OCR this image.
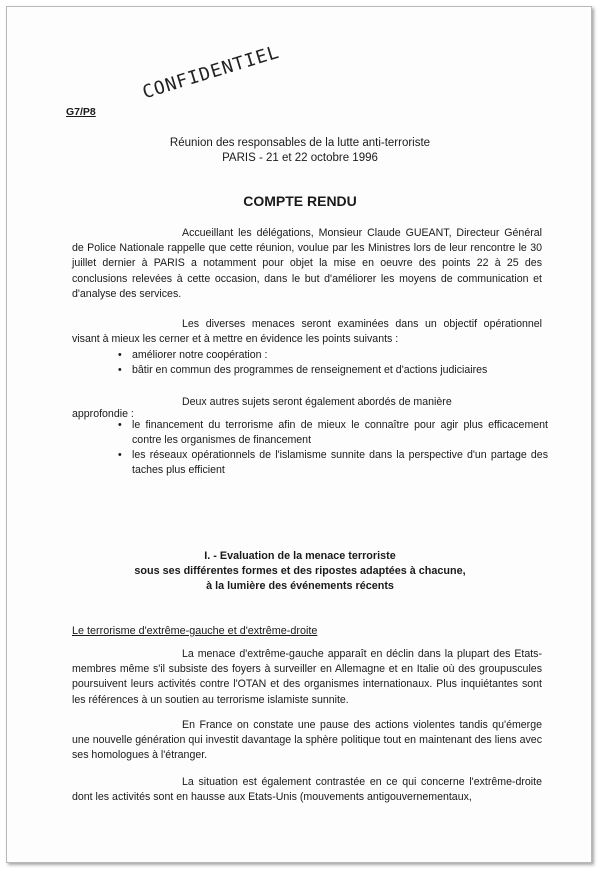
CONFIDENTIEL
G7/P8
Réunion des responsables de la lutte anti-terroriste
PARIS - 21 et 22 octobre 1996
COMPTE RENDU

Accueillant les délégations, Monsieur Claude GUEANT, Directeur Général de Police Nationale rappelle que cette réunion, voulue par les Ministres lors de leur rencontre le 30 juillet dernier à PARIS a notamment pour objet la mise en oeuvre des points 22 à 25 des conclusions relevées à cette occasion, dans le but d'améliorer les moyens de communication et d'analyse des services.

Les diverses menaces seront examinées dans un objectif opérationnel visant à mieux les cerner et à mettre en évidence les points suivants :

• améliorer notre coopération :
• bâtir en commun des programmes de renseignement et d'actions judiciaires

Deux autres sujets seront également abordés de manière

approfondie :
• le financement du terrorisme afin de mieux le connaître pour agir plus efficacement contre les organismes de financement
• les réseaux opérationnels de l'islamisme sunnite dans la perspective d'un partage des taches plus efficient
I. - Evaluation de la menace terroriste
sous ses différentes formes et des ripostes adaptées à chacune,
à la lumière des événements récents
Le terrorisme d'extrême-gauche et d'extrême-droite

La menace d'extrême-gauche apparaît en déclin dans la plupart des Etats-membres même s'il subsiste des foyers à surveiller en Allemagne et en Italie où des groupuscules poursuivent leurs activités contre l'OTAN et des organismes internationaux. Plus inquiétantes sont les références à un soutien au terrorisme islamiste sunnite.

En France on constate une pause des actions violentes tandis qu'émerge une nouvelle génération qui investit davantage la sphère politique tout en maintenant des liens avec ses homologues à l'étranger.

La situation est également contrastée en ce qui concerne l'extrême-droite dont les activités sont en hausse aux Etats-Unis (mouvements antigouvernementaux,
